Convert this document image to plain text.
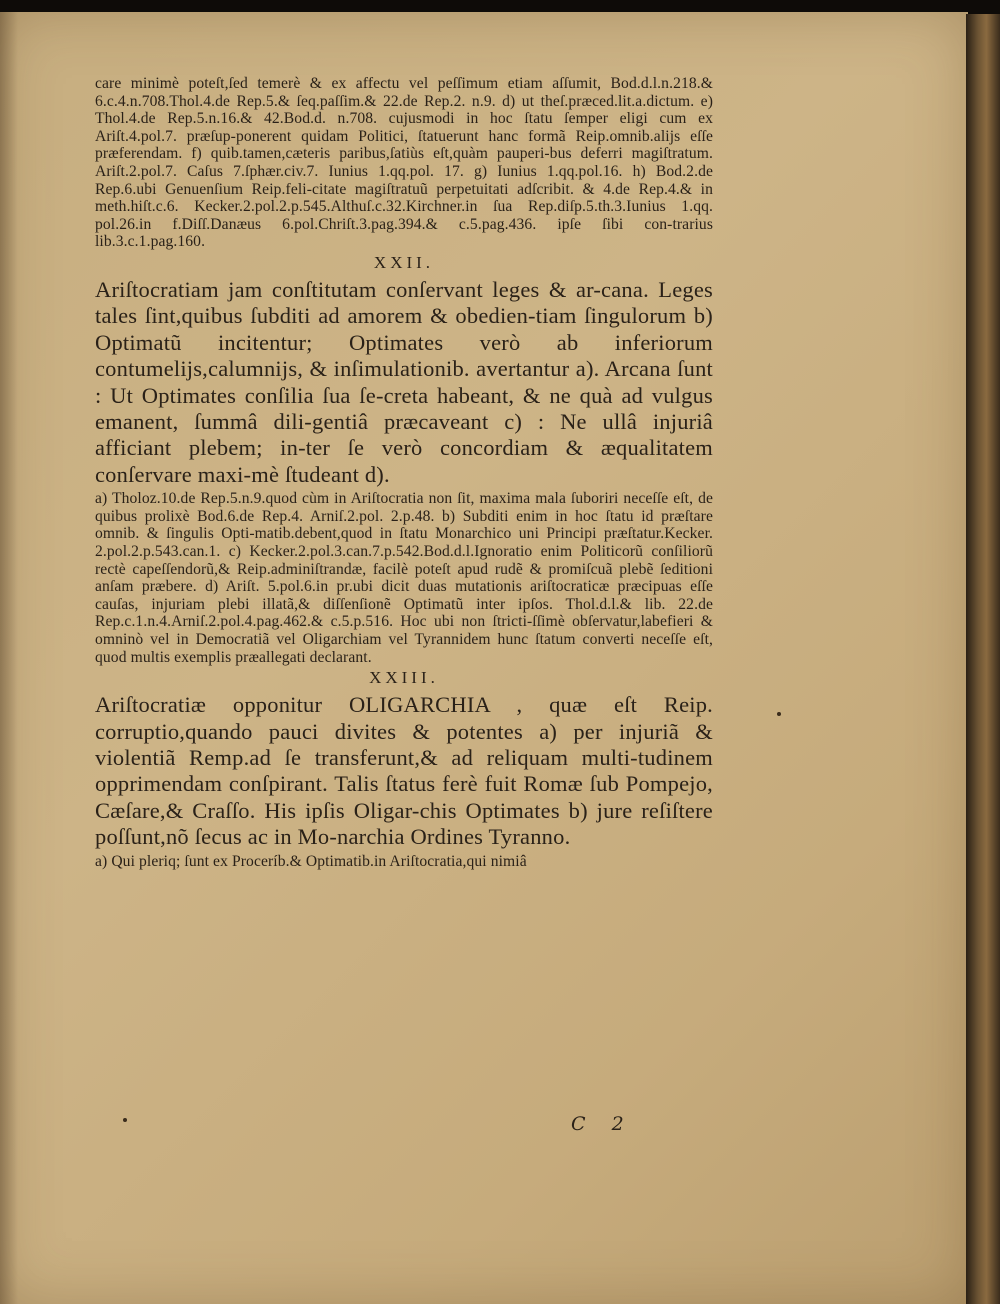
care minimè poteſt,ſed temerè & ex affectu vel peſſimum etiam aſſumit, Bod.d.l.n.218.& 6.c.4.n.708.Thol.4.de Rep.5.& ſeq.paſſim.& 22.de Rep.2. n.9. d) ut theſ.præced.lit.a.dictum. e) Thol.4.de Rep.5.n.16.& 42.Bod.d. n.708. cujusmodi in hoc ſtatu ſemper eligi cum ex Ariſt.4.pol.7. præſup-ponerent quidam Politici, ſtatuerunt hanc formã Reip.omnib.alijs eſſe præferendam. f) quib.tamen,cæteris paribus,ſatiùs eſt,quàm pauperi-bus deferri magiſtratum. Ariſt.2.pol.7. Caſus 7.ſphær.civ.7. Iunius 1.qq.pol. 17. g) Iunius 1.qq.pol.16. h) Bod.2.de Rep.6.ubi Genuenſium Reip.feli-citate magiſtratuũ perpetuitati adſcribit. & 4.de Rep.4.& in meth.hiſt.c.6. Kecker.2.pol.2.p.545.Althuſ.c.32.Kirchner.in ſua Rep.diſp.5.th.3.Iunius 1.qq. pol.26.in f.Diſſ.Danæus 6.pol.Chriſt.3.pag.394.& c.5.pag.436. ipſe ſibi con-trarius lib.3.c.1.pag.160.

XXII.

Ariſtocratiam jam conſtitutam conſervant leges & ar-cana. Leges tales ſint,quibus ſubditi ad amorem & obedien-tiam ſingulorum b) Optimatũ incitentur; Optimates verò ab inferiorum contumelijs,calumnijs, & inſimulationib. avertantur a). Arcana ſunt : Ut Optimates conſilia ſua ſe-creta habeant, & ne quà ad vulgus emanent, ſummâ dili-gentiâ præcaveant c) : Ne ullâ injuriâ afficiant plebem; in-ter ſe verò concordiam & æqualitatem conſervare maxi-mè ſtudeant d).

a) Tholoz.10.de Rep.5.n.9.quod cùm in Ariſtocratia non ſit, maxima mala ſuboriri neceſſe eſt, de quibus prolixè Bod.6.de Rep.4. Arniſ.2.pol. 2.p.48. b) Subditi enim in hoc ſtatu id præſtare omnib. & ſingulis Opti-matib.debent,quod in ſtatu Monarchico uni Principi præſtatur.Kecker. 2.pol.2.p.543.can.1. c) Kecker.2.pol.3.can.7.p.542.Bod.d.l.Ignoratio enim Politicorũ conſiliorũ rectè capeſſendorũ,& Reip.adminiſtrandæ, facilè poteſt apud rudẽ & promiſcuã plebẽ ſeditioni anſam præbere. d) Ariſt. 5.pol.6.in pr.ubi dicit duas mutationis ariſtocraticæ præcipuas eſſe cauſas, injuriam plebi illatã,& diſſenſionẽ Optimatũ inter ipſos. Thol.d.l.& lib. 22.de Rep.c.1.n.4.Arniſ.2.pol.4.pag.462.& c.5.p.516. Hoc ubi non ſtricti-ſſimè obſervatur,labefieri & omninò vel in Democratiã vel Oligarchiam vel Tyrannidem hunc ſtatum converti neceſſe eſt, quod multis exemplis præallegati declarant.

XXIII.

Ariſtocratiæ opponitur OLIGARCHIA , quæ eſt Reip. corruptio,quando pauci divites & potentes a) per injuriã & violentiã Remp.ad ſe transferunt,& ad reliquam multi-tudinem opprimendam conſpirant. Talis ſtatus ferè fuit Romæ ſub Pompejo, Cæſare,& Craſſo. His ipſis Oligar-chis Optimates b) jure reſiſtere poſſunt,nõ ſecus ac in Mo-narchia Ordines Tyranno.

a) Qui pleriq; ſunt ex Proceríb.& Optimatib.in Ariſtocratia,qui nimiâ

C 2
